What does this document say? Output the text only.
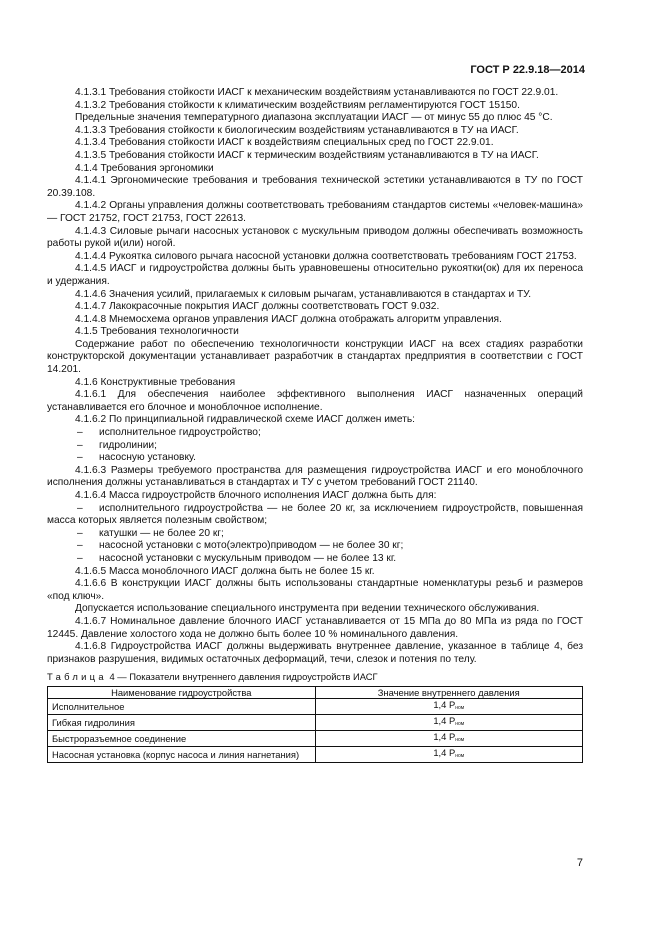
ГОСТ Р 22.9.18—2014

4.1.3.1 Требования стойкости ИАСГ к механическим воздействиям устанавливаются по ГОСТ 22.9.01.

4.1.3.2 Требования стойкости к климатическим воздействиям регламентируются ГОСТ 15150.

Предельные значения температурного диапазона эксплуатации ИАСГ — от минус 55 до плюс 45 °С.

4.1.3.3 Требования стойкости к биологическим воздействиям устанавливаются в ТУ на ИАСГ.

4.1.3.4 Требования стойкости ИАСГ к воздействиям специальных сред по ГОСТ 22.9.01.

4.1.3.5 Требования стойкости ИАСГ к термическим воздействиям устанавливаются в ТУ на ИАСГ.

4.1.4 Требования эргономики

4.1.4.1 Эргономические требования и требования технической эстетики устанавливаются в ТУ по ГОСТ 20.39.108.

4.1.4.2 Органы управления должны соответствовать требованиям стандартов системы «человек-машина» — ГОСТ 21752, ГОСТ 21753, ГОСТ 22613.

4.1.4.3 Силовые рычаги насосных установок с мускульным приводом должны обеспечивать возможность работы рукой и(или) ногой.

4.1.4.4 Рукоятка силового рычага насосной установки должна соответствовать требованиям ГОСТ 21753.

4.1.4.5 ИАСГ и гидроустройства должны быть уравновешены относительно рукоятки(ок) для их переноса и удержания.

4.1.4.6 Значения усилий, прилагаемых к силовым рычагам, устанавливаются в стандартах и ТУ.

4.1.4.7 Лакокрасочные покрытия ИАСГ должны соответствовать ГОСТ 9.032.

4.1.4.8 Мнемосхема органов управления ИАСГ должна отображать алгоритм управления.

4.1.5 Требования технологичности

Содержание работ по обеспечению технологичности конструкции ИАСГ на всех стадиях разработки конструкторской документации устанавливает разработчик в стандартах предприятия в соответствии с ГОСТ 14.201.

4.1.6 Конструктивные требования

4.1.6.1 Для обеспечения наиболее эффективного выполнения ИАСГ назначенных операций устанавливается его блочное и моноблочное исполнение.

4.1.6.2 По принципиальной гидравлической схеме ИАСГ должен иметь:

– исполнительное гидроустройство;

– гидролинии;

– насосную установку.

4.1.6.3 Размеры требуемого пространства для размещения гидроустройства ИАСГ и его моноблочного исполнения должны устанавливаться в стандартах и ТУ с учетом требований ГОСТ 21140.

4.1.6.4 Масса гидроустройств блочного исполнения ИАСГ должна быть для:

– исполнительного гидроустройства — не более 20 кг, за исключением гидроустройств, повышенная масса которых является полезным свойством;

– катушки — не более 20 кг;

– насосной установки с мото(электро)приводом — не более 30 кг;

– насосной установки с мускульным приводом — не более 13 кг.

4.1.6.5 Масса моноблочного ИАСГ должна быть не более 15 кг.

4.1.6.6 В конструкции ИАСГ должны быть использованы стандартные номенклатуры резьб и размеров «под ключ».

Допускается использование специального инструмента при ведении технического обслуживания.

4.1.6.7 Номинальное давление блочного ИАСГ устанавливается от 15 МПа до 80 МПа из ряда по ГОСТ 12445. Давление холостого хода не должно быть более 10 % номинального давления.

4.1.6.8 Гидроустройства ИАСГ должны выдерживать внутреннее давление, указанное в таблице 4, без признаков разрушения, видимых остаточных деформаций, течи, слезок и потения по телу.

Таблица 4 — Показатели внутреннего давления гидроустройств ИАСГ

Наименование гидроустройства	Значение внутреннего давления
Исполнительное	1,4 $P_{ном}$
Гибкая гидролиния	1,4 $P_{ном}$
Быстроразъемное соединение	1,4 $P_{ном}$
Насосная установка (корпус насоса и линия нагнетания)	1,4 $P_{ном}$
7
